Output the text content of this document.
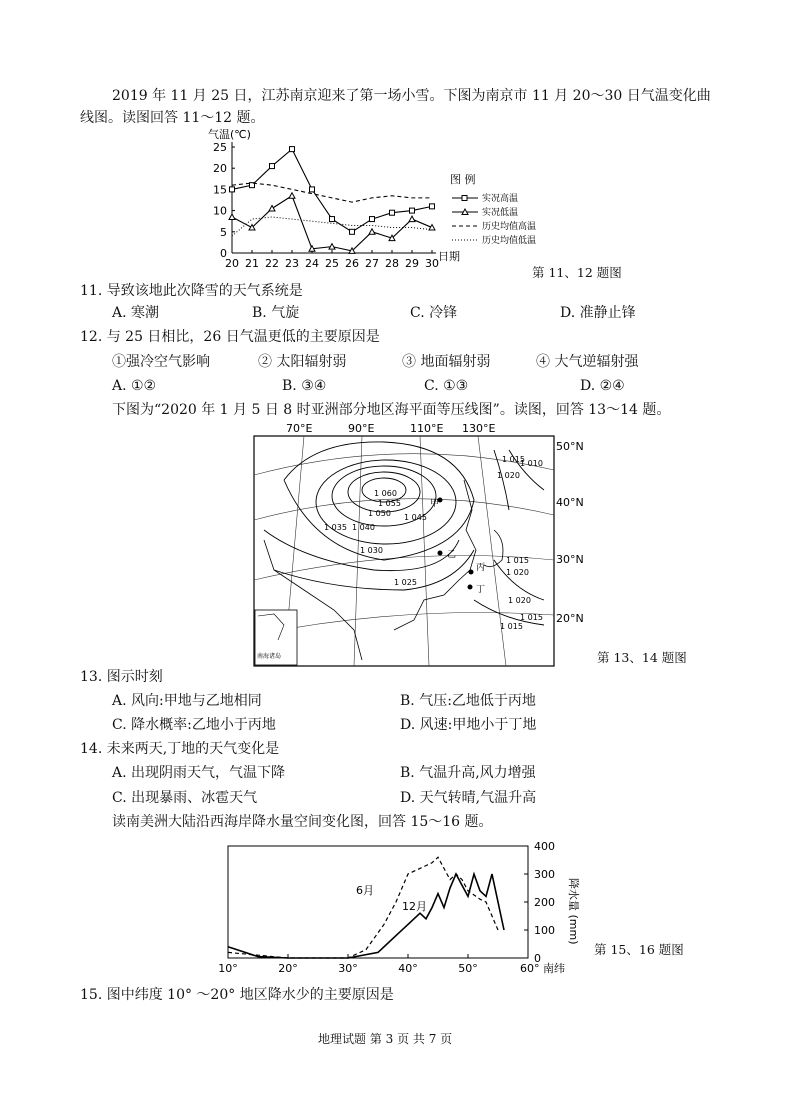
2019 年 11 月 25 日，江苏南京迎来了第一场小雪。下图为南京市 11 月 20～30 日气温变化曲
线图。读图回答 11～12 题。
气温(℃)
25
20
15
10
5
0
20 21 22 23 24 25 26 27 28 29 30
日期
图 例
实况高温
实况低温
历史均值高温
历史均值低温
第 11、12 题图
11. 导致该地此次降雪的天气系统是
A. 寒潮	B. 气旋	C. 冷锋	D. 准静止锋
12. 与 25 日相比，26 日气温更低的主要原因是
①强冷空气影响	② 太阳辐射弱	③ 地面辐射弱	④ 大气逆辐射强
A. ①②	B. ③④	C. ①③	D. ②④
下图为“2020 年 1 月 5 日 8 时亚洲部分地区海平面等压线图”。读图，回答 13～14 题。
70°E	90°E	110°E 130°E
50°N
40°N
30°N
20°N
1 060
1 055
1 050 1 045
1 040
1 035
1 030
1 025
1 020
1 015
1 010
1 015
1 020
1 015
1 020
1 015
甲
乙
丙
丁
南海诸岛	第 13、14 题图
13. 图示时刻
A. 风向:甲地与乙地相同	B. 气压:乙地低于丙地
C. 降水概率:乙地小于丙地	D. 风速:甲地小于丁地
14. 未来两天,丁地的天气变化是
A. 出现阴雨天气，气温下降	B. 气温升高,风力增强
C. 出现暴雨、冰雹天气	D. 天气转晴,气温升高
读南美洲大陆沿西海岸降水量空间变化图，回答 15～16 题。
400
300
200
100
0
10°	20°	30°	40°	50°	60° 南纬
6月
12月	降水量 (mm)
第 15、16 题图
15. 图中纬度 10° ～20° 地区降水少的主要原因是
地理试题 第 3 页 共 7 页
